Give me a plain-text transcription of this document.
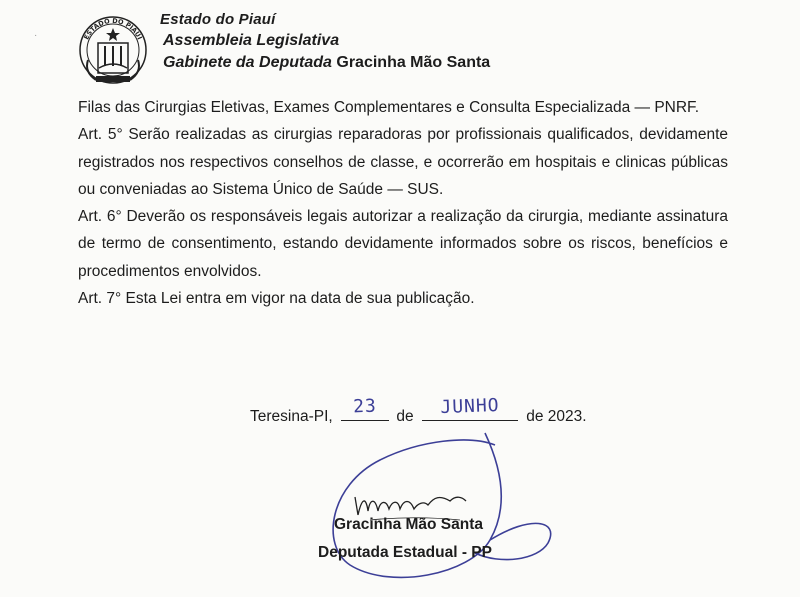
ESTADO DO PIAUÍ
·
Estado do Piauí
Assembleia Legislativa
Gabinete da Deputada Gracinha Mão Santa

Filas das Cirurgias Eletivas, Exames Complementares e Consulta Especializada — PNRF.

Art. 5° Serão realizadas as cirurgias reparadoras por profissionais qualificados, devidamente registrados nos respectivos conselhos de classe, e ocorrerão em hospitais e clinicas públicas ou conveniadas ao Sistema Único de Saúde — SUS.

Art. 6° Deverão os responsáveis legais autorizar a realização da cirurgia, mediante assinatura de termo de consentimento, estando devidamente informados sobre os riscos, benefícios e procedimentos envolvidos.

Art. 7° Esta Lei entra em vigor na data de sua publicação.

Teresina-PI,	23	de	JUNHO	de 2023.
Gracinha Mão Santa
Deputada Estadual - PP
